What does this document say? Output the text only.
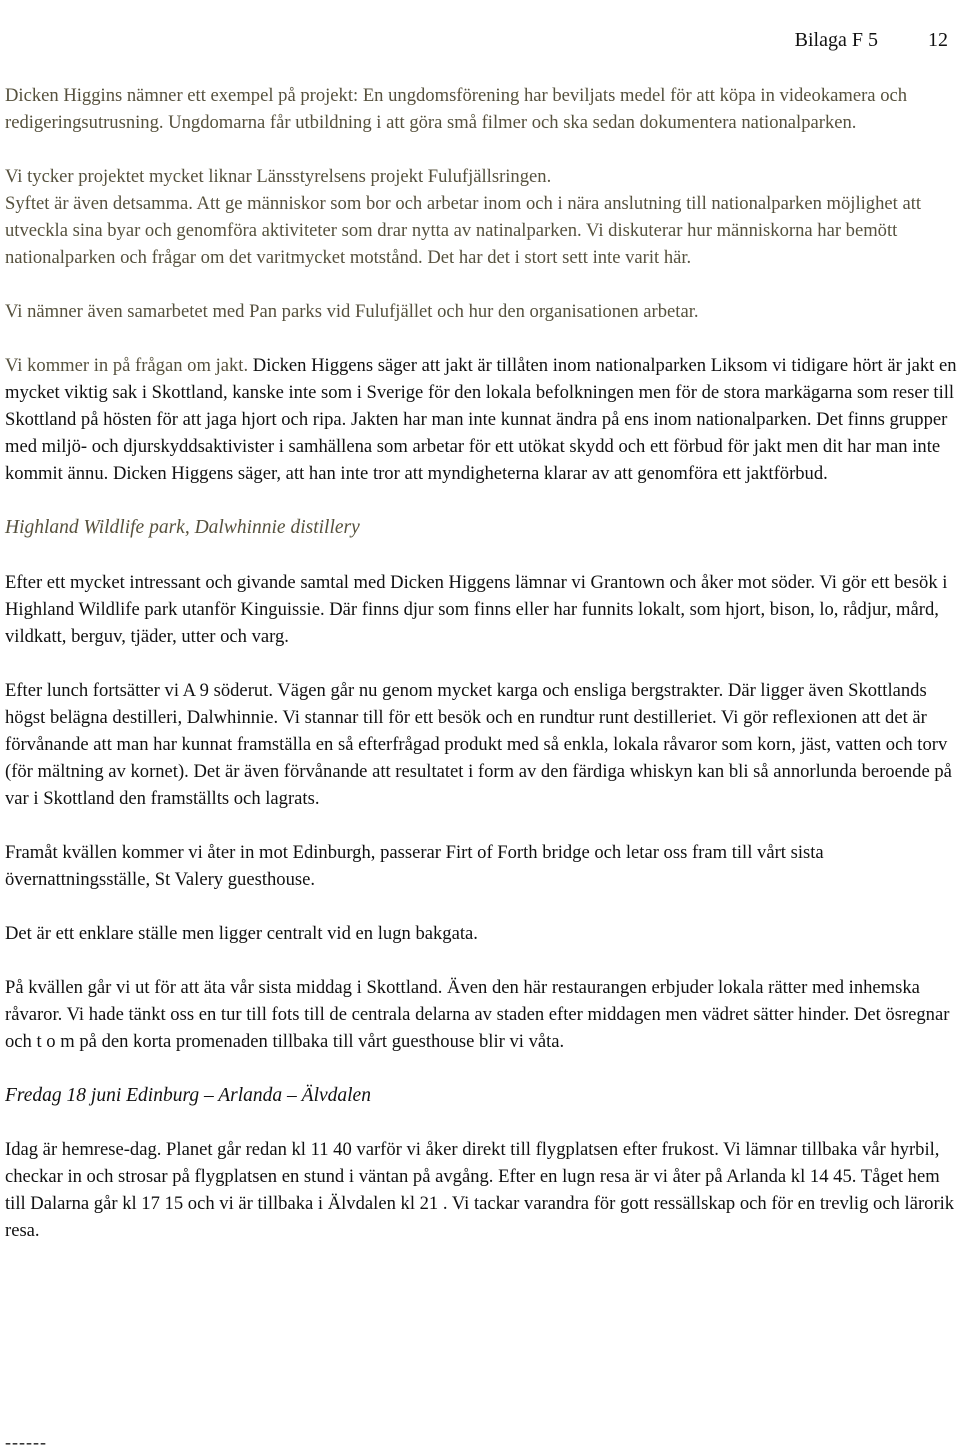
Bilaga F 5	12

Dicken Higgins nämner ett exempel på projekt: En ungdomsförening har beviljats medel för att köpa in videokamera och redigeringsutrusning. Ungdomarna får utbildning i att göra små filmer och ska sedan dokumentera nationalparken.

Vi tycker projektet mycket liknar Länsstyrelsens projekt Fulufjällsringen.

Syftet är även detsamma. Att ge människor som bor och arbetar inom och i nära anslutning till nationalparken möjlighet att utveckla sina byar och genomföra aktiviteter som drar nytta av natinalparken. Vi diskuterar hur människorna har bemött nationalparken och frågar om det varitmycket motstånd. Det har det i stort sett inte varit här.

Vi nämner även samarbetet med Pan parks vid Fulufjället och hur den organisationen arbetar.

Vi kommer in på frågan om jakt. Dicken Higgens säger att jakt är tillåten inom nationalparken Liksom vi tidigare hört är jakt en mycket viktig sak i Skottland, kanske inte som i Sverige för den lokala befolkningen men för de stora markägarna som reser till Skottland på hösten för att jaga hjort och ripa. Jakten har man inte kunnat ändra på ens inom nationalparken. Det finns grupper med miljö- och djurskyddsaktivister i samhällena som arbetar för ett utökat skydd och ett förbud för jakt men dit har man inte kommit ännu. Dicken Higgens säger, att han inte tror att myndigheterna klarar av att genomföra ett jaktförbud.

Highland Wildlife park, Dalwhinnie distillery

Efter ett mycket intressant och givande samtal med Dicken Higgens lämnar vi Grantown och åker mot söder. Vi gör ett besök i Highland Wildlife park utanför Kinguissie. Där finns djur som finns eller har funnits lokalt, som hjort, bison, lo, rådjur, mård, vildkatt, berguv, tjäder, utter och varg.

Efter lunch fortsätter vi A 9 söderut. Vägen går nu genom mycket karga och ensliga bergstrakter. Där ligger även Skottlands högst belägna destilleri, Dalwhinnie. Vi stannar till för ett besök och en rundtur runt destilleriet. Vi gör reflexionen att det är förvånande att man har kunnat framställa en så efterfrågad produkt med så enkla, lokala råvaror som korn, jäst, vatten och torv (för mältning av kornet). Det är även förvånande att resultatet i form av den färdiga whiskyn kan bli så annorlunda beroende på var i Skottland den framställts och lagrats.

Framåt kvällen kommer vi åter in mot Edinburgh, passerar Firt of Forth bridge och letar oss fram till vårt sista övernattningsställe, St Valery guesthouse.

Det är ett enklare ställe men ligger centralt vid en lugn bakgata.

På kvällen går vi ut för att äta vår sista middag i Skottland. Även den här restaurangen erbjuder lokala rätter med inhemska råvaror. Vi hade tänkt oss en tur till fots till de centrala delarna av staden efter middagen men vädret sätter hinder. Det ösregnar och t o m på den korta promenaden tillbaka till vårt guesthouse blir vi våta.

Fredag 18 juni Edinburg – Arlanda – Älvdalen

Idag är hemrese-dag. Planet går redan kl 11 40 varför vi åker direkt till flygplatsen efter frukost. Vi lämnar tillbaka vår hyrbil, checkar in och strosar på flygplatsen en stund i väntan på avgång. Efter en lugn resa är vi åter på Arlanda kl 14 45. Tåget hem till Dalarna går kl 17 15 och vi är tillbaka i Älvdalen kl 21 . Vi tackar varandra för gott ressällskap och för en trevlig och lärorik resa.

------
